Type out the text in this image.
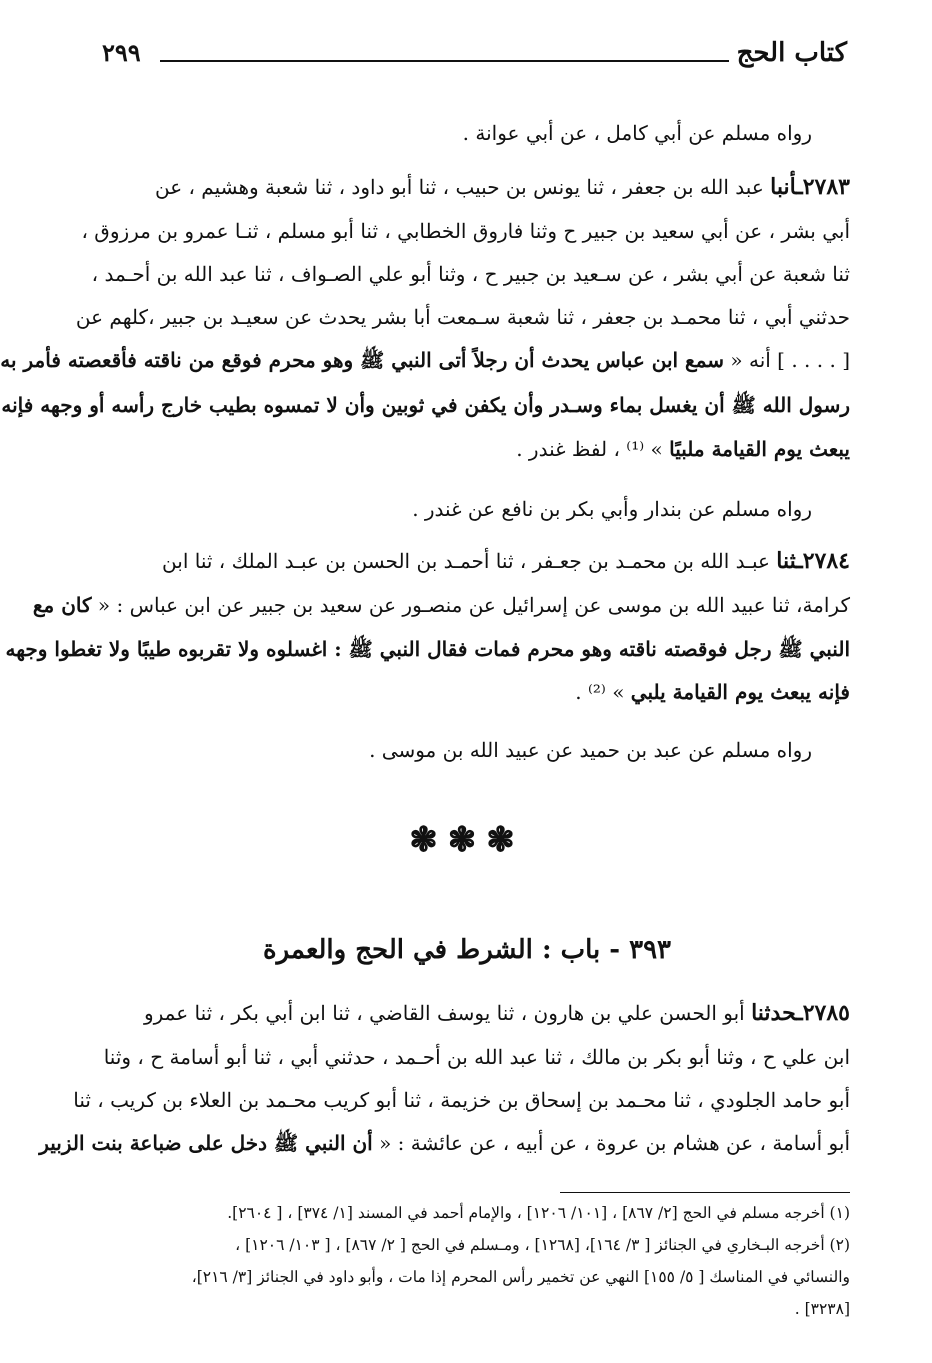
كتاب الحج
٢٩٩
رواه مسلم عن أبي كامل ، عن أبي عوانة .
٢٧٨٣ـأنبا عبد الله بن جعفر ، ثنا يونس بن حبيب ، ثنا أبو داود ، ثنا شعبة وهشيم ، عن
أبي بشر ، عن أبي سعيد بن جبير ح وثنا فاروق الخطابي ، ثنا أبو مسلم ، ثنـا عمرو بن مرزوق ،
ثنا شعبة عن أبي بشر ، عن سـعيد بن جبير ح ، وثنا أبو علي الصـواف ، ثنا عبد الله بن أحـمد ،
حدثني أبي ، ثنا محمـد بن جعفر ، ثنا شعبة سـمعت أبا بشر يحدث عن سعيـد بن جبير ،كلهم عن
[ . . . . ] أنه « سمع ابن عباس يحدث أن رجلاً أتى النبي ﷺ وهو محرم فوقع من ناقته فأقعصته فأمر به
رسول الله ﷺ أن يغسل بماء وسـدر وأن يكفن في ثوبين وأن لا تمسوه بطيب خارج رأسه أو وجهه فإنه
يبعث يوم القيامة ملبيًا » ⁽¹⁾ ، لفظ غندر .
رواه مسلم عن بندار وأبي بكر بن نافع عن غندر .
٢٧٨٤ـثنا عبـد الله بن محمـد بن جعـفر ، ثنا أحمـد بن الحسن بن عبـد الملك ، ثنا ابن
كرامة، ثنا عبيد الله بن موسى عن إسرائيل عن منصـور عن سعيد بن جبير عن ابن عباس : « كان مع
النبي ﷺ رجل فوقصته ناقته وهو محرم فمات فقال النبي ﷺ : اغسلوه ولا تقربوه طيبًا ولا تغطوا وجهه
فإنه يبعث يوم القيامة يلبي » ⁽²⁾ .
رواه مسلم عن عبد بن حميد عن عبيد الله بن موسى .
❃❃❃
٣٩٣ - باب : الشرط في الحج والعمرة
٢٧٨٥ـحدثنا أبو الحسن علي بن هارون ، ثنا يوسف القاضي ، ثنا ابن أبي بكر ، ثنا عمرو
ابن علي ح ، وثنا أبو بكر بن مالك ، ثنا عبد الله بن أحـمد ، حدثني أبي ، ثنا أبو أسامة ح ، وثنا
أبو حامد الجلودي ، ثنا محـمد بن إسحاق بن خزيمة ، ثنا أبو كريب محـمد بن العلاء بن كريب ، ثنا
أبو أسامة ، عن هشام بن عروة ، عن أبيه ، عن عائشة : « أن النبي ﷺ دخل على ضباعة بنت الزبير
(١) أخرجه مسلم في الحج [٢/ ٨٦٧] ، [١٠١/ ١٢٠٦] ، والإمام أحمد في المسند [١/ ٣٧٤] ، [ ٢٦٠٤].
(٢) أخرجه البـخاري في الجنائز [ ٣/ ١٦٤]، [١٢٦٨] ، ومـسلم في الحج [ ٢/ ٨٦٧] ، [ ١٠٣/ ١٢٠٦] ،
والنسائي في المناسك [ ٥/ ١٥٥] النهي عن تخمير رأس المحرم إذا مات ، وأبو داود في الجنائز [٣/ ٢١٦]،
[٣٢٣٨] .
